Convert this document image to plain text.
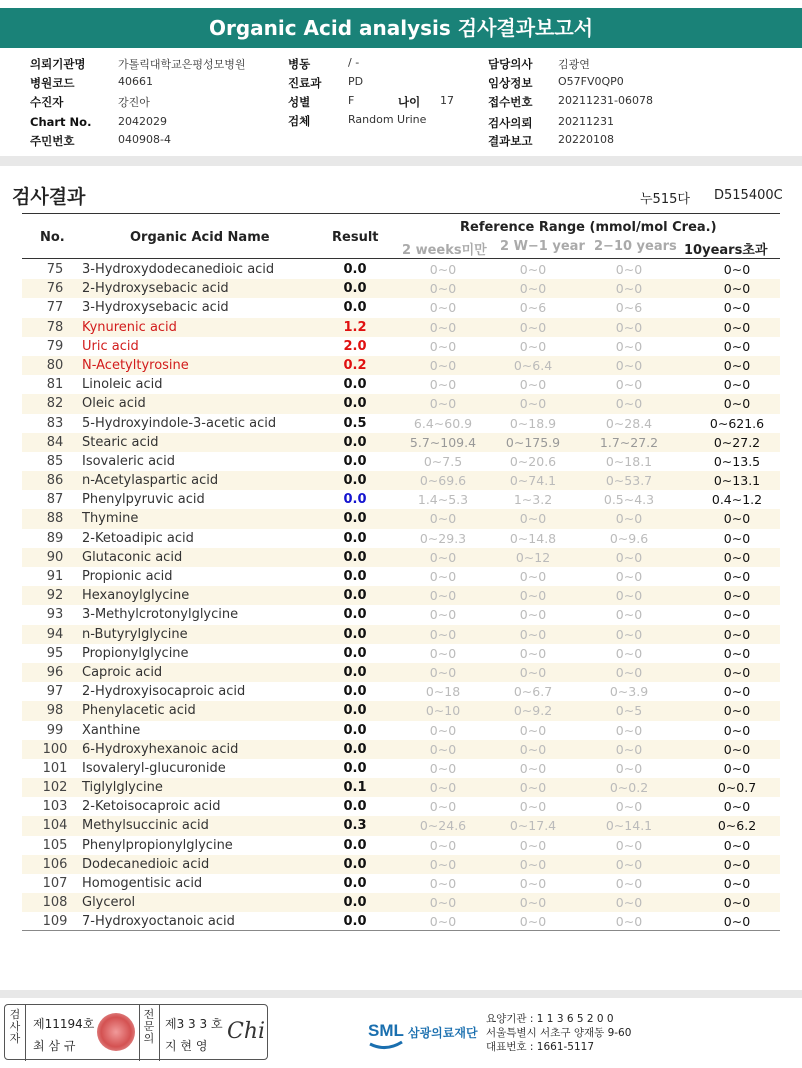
Organic Acid analysis 검사결과보고서
의뢰기관명	가톨릭대학교은평성모병원
병원코드	40661
수진자	강진아
Chart No. 2042029
주민번호	040908-4
병동	/ -
진료과 PD
성별	F	나이 17
검체	Random Urine
담당의사 김광연
임상정보 O57FV0QP0
접수번호 20211231-06078
검사의뢰 20211231
결과보고 20220108
검사결과	누515다 D515400C
No.	Organic Acid Name	Result
Reference Range (mmol/mol Crea.)
2 weeks미만 2 W−1 year 2−10 years 10years초과
75	3-Hydroxydodecanedioic acid	0.0	0∼0	0∼0	0∼0	0∼0
76	2-Hydroxysebacic acid	0.0	0∼0	0∼0	0∼0	0∼0
77	3-Hydroxysebacic acid	0.0	0∼0	0∼6	0∼6	0∼0
78	Kynurenic acid	1.2	0∼0	0∼0	0∼0	0∼0
79	Uric acid	2.0	0∼0	0∼0	0∼0	0∼0
80	N-Acetyltyrosine	0.2	0∼0	0∼6.4	0∼0	0∼0
81	Linoleic acid	0.0	0∼0	0∼0	0∼0	0∼0
82	Oleic acid	0.0	0∼0	0∼0	0∼0	0∼0
83	5-Hydroxyindole-3-acetic acid	0.5	6.4∼60.9	0∼18.9	0∼28.4	0∼621.6
84	Stearic acid	0.0	5.7∼109.4	0∼175.9	1.7∼27.2	0∼27.2
85	Isovaleric acid	0.0	0∼7.5	0∼20.6	0∼18.1	0∼13.5
86	n-Acetylaspartic acid	0.0	0∼69.6	0∼74.1	0∼53.7	0∼13.1
87	Phenylpyruvic acid	0.0	1.4∼5.3	1∼3.2	0.5∼4.3	0.4∼1.2
88	Thymine	0.0	0∼0	0∼0	0∼0	0∼0
89	2-Ketoadipic acid	0.0	0∼29.3	0∼14.8	0∼9.6	0∼0
90	Glutaconic acid	0.0	0∼0	0∼12	0∼0	0∼0
91	Propionic acid	0.0	0∼0	0∼0	0∼0	0∼0
92	Hexanoylglycine	0.0	0∼0	0∼0	0∼0	0∼0
93	3-Methylcrotonylglycine	0.0	0∼0	0∼0	0∼0	0∼0
94	n-Butyrylglycine	0.0	0∼0	0∼0	0∼0	0∼0
95	Propionylglycine	0.0	0∼0	0∼0	0∼0	0∼0
96	Caproic acid	0.0	0∼0	0∼0	0∼0	0∼0
97	2-Hydroxyisocaproic acid	0.0	0∼18	0∼6.7	0∼3.9	0∼0
98	Phenylacetic acid	0.0	0∼10	0∼9.2	0∼5	0∼0
99	Xanthine	0.0	0∼0	0∼0	0∼0	0∼0
100 6-Hydroxyhexanoic acid	0.0	0∼0	0∼0	0∼0	0∼0
101 Isovaleryl-glucuronide	0.0	0∼0	0∼0	0∼0	0∼0
102 Tiglylglycine	0.1	0∼0	0∼0	0∼0.2	0∼0.7
103 2-Ketoisocaproic acid	0.0	0∼0	0∼0	0∼0	0∼0
104 Methylsuccinic acid	0.3	0∼24.6	0∼17.4	0∼14.1	0∼6.2
105 Phenylpropionylglycine	0.0	0∼0	0∼0	0∼0	0∼0
106 Dodecanedioic acid	0.0	0∼0	0∼0	0∼0	0∼0
107 Homogentisic acid	0.0	0∼0	0∼0	0∼0	0∼0
108 Glycerol	0.0	0∼0	0∼0	0∼0	0∼0
109 7-Hydroxyoctanoic acid	0.0	0∼0	0∼0	0∼0	0∼0
검사자
제11194호
최 삼 규
전문의
제3 3 3 호
지 현 영
Chi	SML 삼광의료재단
요양기관 : 1 1 3 6 5 2 0 0
서울특별시 서초구 양재동 9-60
대표번호 : 1661-5117
